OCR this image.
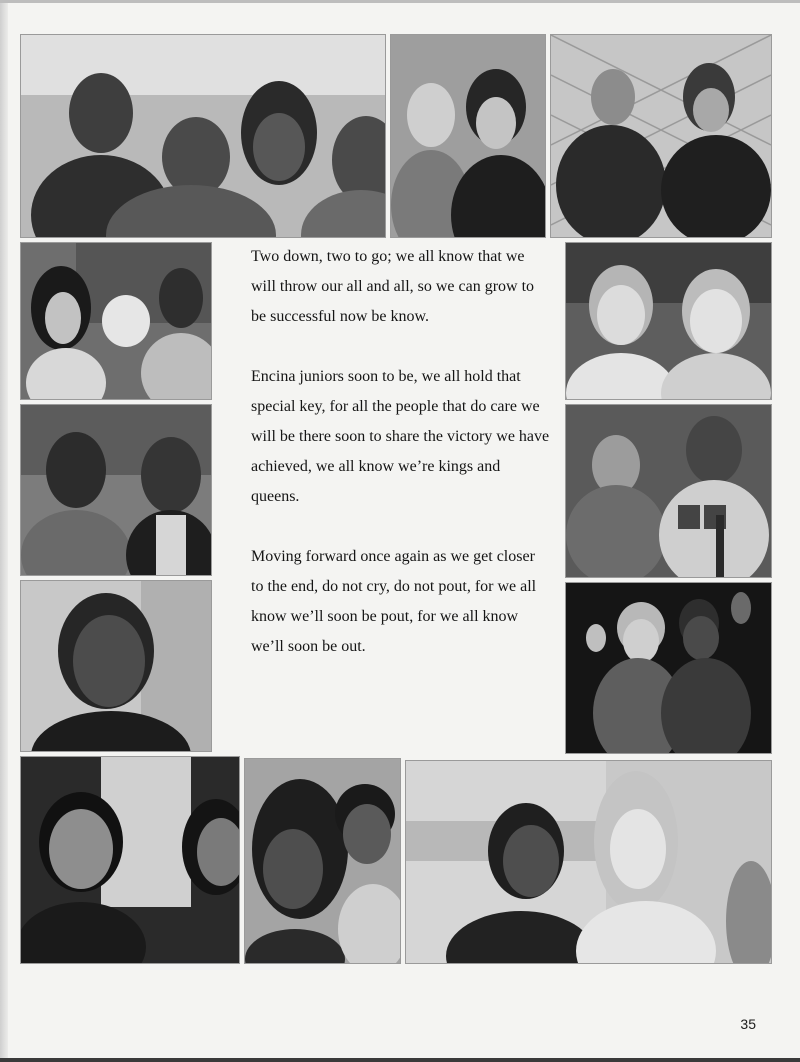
Two down, two to go; we all know that we will throw our all and all, so we can grow to be successful now be know.

Encina juniors soon to be, we all hold that special key, for all the people that do care we will be there soon to share the victory we have achieved, we all know we’re kings and queens.

Moving forward once again as we get closer to the end, do not cry, do not pout, for we all know we’ll soon be pout, for we all know we’ll soon be out.

35
